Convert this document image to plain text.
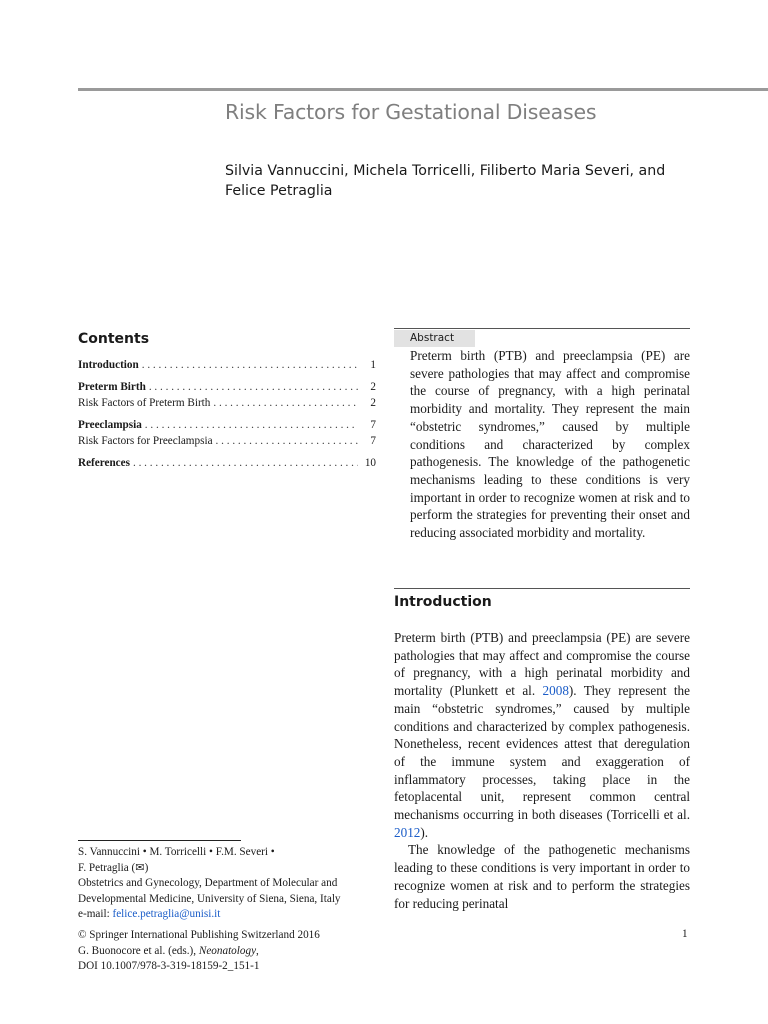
Risk Factors for Gestational Diseases
Silvia Vannuccini, Michela Torricelli, Filiberto Maria Severi, and Felice Petraglia
Contents
Introduction . . .	1
Preterm Birth . . .	2
Risk Factors of Preterm Birth . . .	2
Preeclampsia . . .	7
Risk Factors for Preeclampsia . . .	7
References . . .	10
Abstract
Preterm birth (PTB) and preeclampsia (PE) are severe pathologies that may affect and compromise the course of pregnancy, with a high perinatal morbidity and mortality. They represent the main “obstetric syndromes,” caused by multiple conditions and characterized by complex pathogenesis. The knowledge of the pathogenetic mechanisms leading to these conditions is very important in order to recognize women at risk and to perform the strategies for preventing their onset and reducing associated morbidity and mortality.
Introduction

Preterm birth (PTB) and preeclampsia (PE) are severe pathologies that may affect and compromise the course of pregnancy, with a high perinatal morbidity and mortality (Plunkett et al. 2008). They represent the main “obstetric syndromes,” caused by multiple conditions and characterized by complex pathogenesis. Nonetheless, recent evidences attest that deregulation of the immune system and exaggeration of inflammatory processes, taking place in the fetoplacental unit, represent common central mechanisms occurring in both diseases (Torricelli et al. 2012).

The knowledge of the pathogenetic mechanisms leading to these conditions is very important in order to recognize women at risk and to perform the strategies for reducing perinatal

S. Vannuccini • M. Torricelli • F.M. Severi •
F. Petraglia (✉)
Obstetrics and Gynecology, Department of Molecular and Developmental Medicine, University of Siena, Siena, Italy
e-mail: felice.petraglia@unisi.it
© Springer International Publishing Switzerland 2016
G. Buonocore et al. (eds.), Neonatology,
DOI 10.1007/978-3-319-18159-2_151-1
1
